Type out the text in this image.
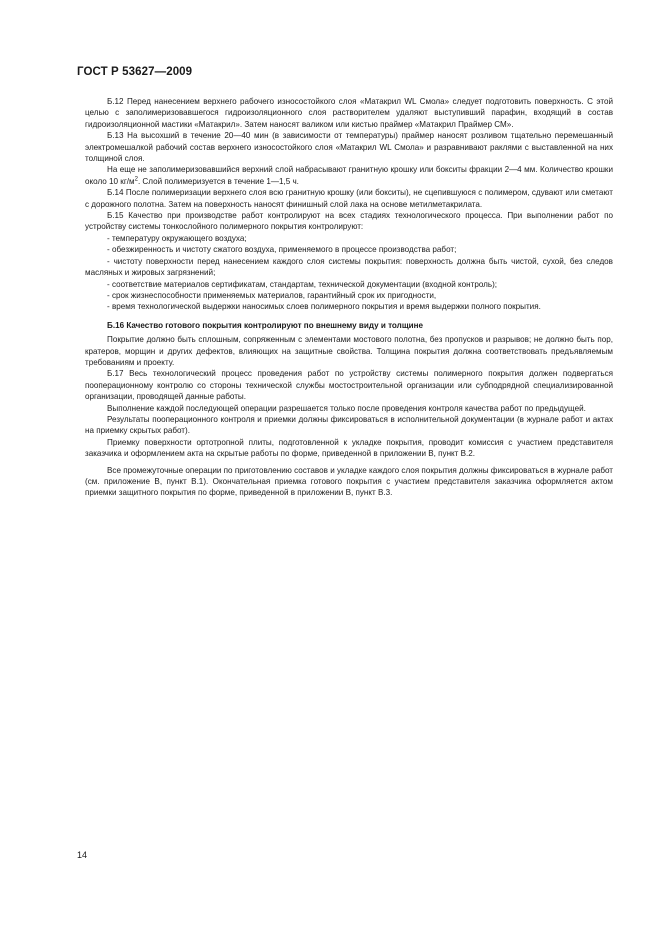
ГОСТ Р 53627—2009

Б.12 Перед нанесением верхнего рабочего износостойкого слоя «Матакрил WL Смола» следует подготовить поверхность. С этой целью с заполимеризовавшегося гидроизоляционного слоя растворителем удаляют выступивший парафин, входящий в состав гидроизоляционной мастики «Матакрил». Затем наносят валиком или кистью праймер «Матакрил Праймер СМ».

Б.13 На высохший в течение 20—40 мин (в зависимости от температуры) праймер наносят розливом тщательно перемешанный электромешалкой рабочий состав верхнего износостойкого слоя «Матакрил WL Смола» и разравнивают раклями с выставленной на них толщиной слоя.

На еще не заполимеризовавшийся верхний слой набрасывают гранитную крошку или бокситы фракции 2—4 мм. Количество крошки около 10 $кг/м^2$. Слой полимеризуется в течение 1—1,5 ч.

Б.14 После полимеризации верхнего слоя всю гранитную крошку (или бокситы), не сцепившуюся с полимером, сдувают или сметают с дорожного полотна. Затем на поверхность наносят финишный слой лака на основе метилметакрилата.

Б.15 Качество при производстве работ контролируют на всех стадиях технологического процесса. При выполнении работ по устройству системы тонкослойного полимерного покрытия контролируют:

- температуру окружающего воздуха;

- обезжиренность и чистоту сжатого воздуха, применяемого в процессе производства работ;

- чистоту поверхности перед нанесением каждого слоя системы покрытия: поверхность должна быть чистой, сухой, без следов масляных и жировых загрязнений;

- соответствие материалов сертификатам, стандартам, технической документации (входной контроль);

- срок жизнеспособности применяемых материалов, гарантийный срок их пригодности,

- время технологической выдержки наносимых слоев полимерного покрытия и время выдержки полного покрытия.

Б.16 Качество готового покрытия контролируют по внешнему виду и толщине

Покрытие должно быть сплошным, сопряженным с элементами мостового полотна, без пропусков и разрывов; не должно быть пор, кратеров, морщин и других дефектов, влияющих на защитные свойства. Толщина покрытия должна соответствовать предъявляемым требованиям и проекту.

Б.17 Весь технологический процесс проведения работ по устройству системы полимерного покрытия должен подвергаться пооперационному контролю со стороны технической службы мостостроительной организации или субподрядной специализированной организации, проводящей данные работы.

Выполнение каждой последующей операции разрешается только после проведения контроля качества работ по предыдущей.

Результаты пооперационного контроля и приемки должны фиксироваться в исполнительной документации (в журнале работ и актах на приемку скрытых работ).

Приемку поверхности ортотропной плиты, подготовленной к укладке покрытия, проводит комиссия с участием представителя заказчика и оформлением акта на скрытые работы по форме, приведенной в приложении В, пункт В.2.

Все промежуточные операции по приготовлению составов и укладке каждого слоя покрытия должны фиксироваться в журнале работ (см. приложение В, пункт В.1). Окончательная приемка готового покрытия с участием представителя заказчика оформляется актом приемки защитного покрытия по форме, приведенной в приложении В, пункт В.3.

14
